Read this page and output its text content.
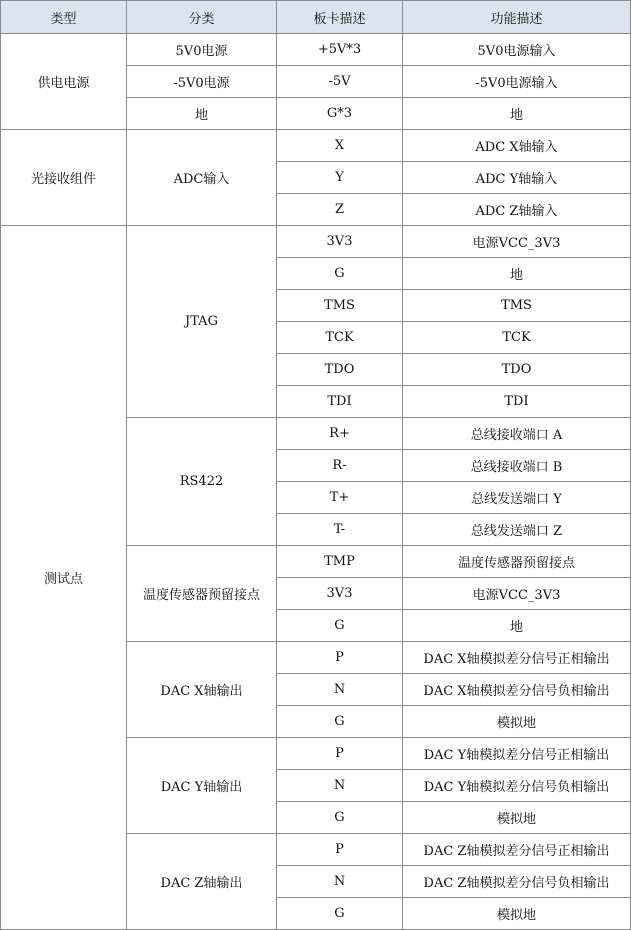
类型	分类	板卡描述	功能描述
供电电源	5V0电源	+5V*3	5V0电源输入
	-5V0电源	-5V	-5V0电源输入
	地	G*3	地
光接收组件	ADC输入	X	ADC X轴输入
		Y	ADC Y轴输入
		Z	ADC Z轴输入
测试点	JTAG	3V3	电源VCC_3V3
		G	地
		TMS	TMS
		TCK	TCK
		TDO	TDO
		TDI	TDI
	RS422	R+	总线接收端口 A
		R-	总线接收端口 B
		T+	总线发送端口 Y
		T-	总线发送端口 Z
	温度传感器预留接点	TMP	温度传感器预留接点
		3V3	电源VCC_3V3
		G	地
	DAC X轴输出	P	DAC X轴模拟差分信号正相输出
		N	DAC X轴模拟差分信号负相输出
		G	模拟地
	DAC Y轴输出	P	DAC Y轴模拟差分信号正相输出
		N	DAC Y轴模拟差分信号负相输出
		G	模拟地
	DAC Z轴输出	P	DAC Z轴模拟差分信号正相输出
		N	DAC Z轴模拟差分信号负相输出
		G	模拟地
